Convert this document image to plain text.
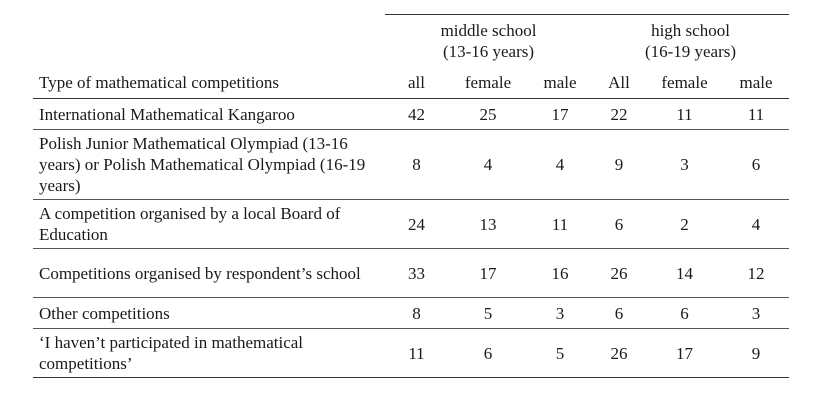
	middle school
(13-16 years)			high school
(16-19 years)		

Type of mathematical competitions	all	female	male	All	female	male
International Mathematical Kangaroo	42	25	17	22	11	11
Polish Junior Mathematical Olympiad (13-16 years) or Polish Mathematical Olympiad (16-19 years)	8	4	4	9	3	6
A competition organised by a local Board of Education	24	13	11	6	2	4
Competitions organised by respondent’s school	33	17	16	26	14	12
Other competitions	8	5	3	6	6	3
‘I haven’t participated in mathematical competitions’	11	6	5	26	17	9
